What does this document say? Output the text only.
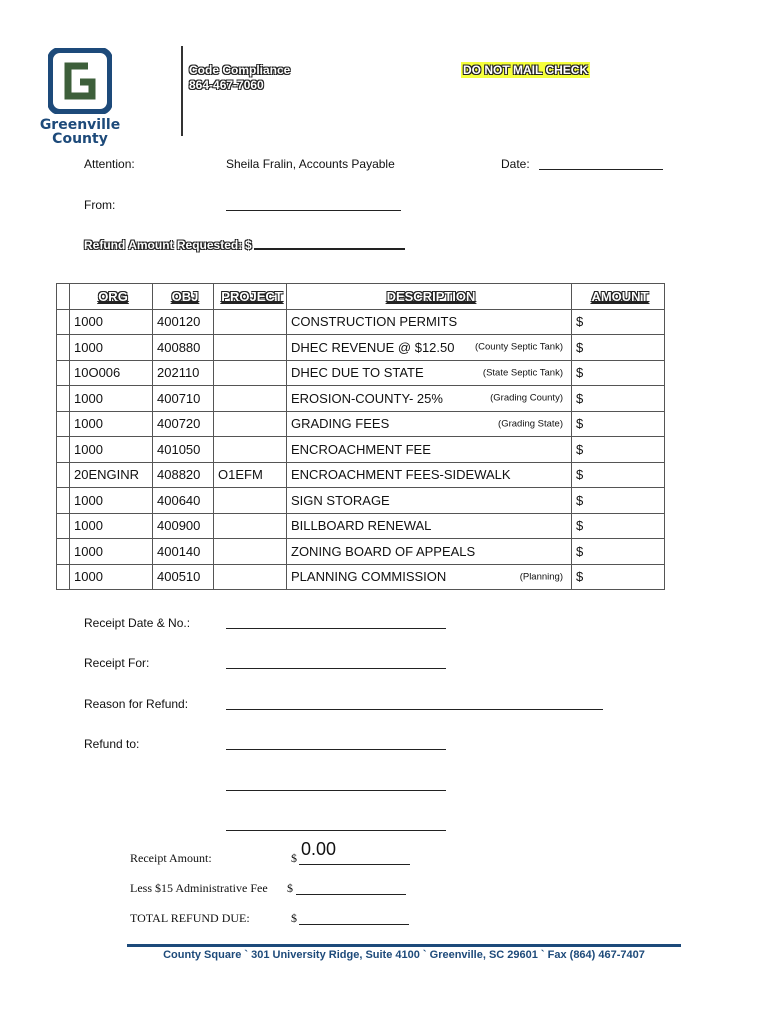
Greenville
County
Code Compliance
864-467-7060
DO NOT MAIL CHECK
Attention:	Sheila Fralin, Accounts Payable	Date:
From:
Refund Amount Requested: $
	ORG	OBJ	PROJECT	DESCRIPTION	AMOUNT
	1000	400120		CONSTRUCTION PERMITS	$
	1000	400880		DHEC REVENUE @ $12.50 (County Septic Tank)	$
	10O006	202110		DHEC DUE TO STATE (State Septic Tank)	$
	1000	400710		EROSION-COUNTY- 25% (Grading County)	$
	1000	400720		GRADING FEES (Grading State)	$
	1000	401050		ENCROACHMENT FEE	$
	20ENGINR	408820	O1EFM	ENCROACHMENT FEES-SIDEWALK	$
	1000	400640		SIGN STORAGE	$
	1000	400900		BILLBOARD RENEWAL	$
	1000	400140		ZONING BOARD OF APPEALS	$
	1000	400510		PLANNING COMMISSION (Planning)	$
Receipt Date & No.:
Receipt For:
Reason for Refund:
Refund to:
Receipt Amount:	$ 0.00
Less $15 Administrative Fee $
TOTAL REFUND DUE:	$
County Square ` 301 University Ridge, Suite 4100 ` Greenville, SC 29601 ` Fax (864) 467-7407
